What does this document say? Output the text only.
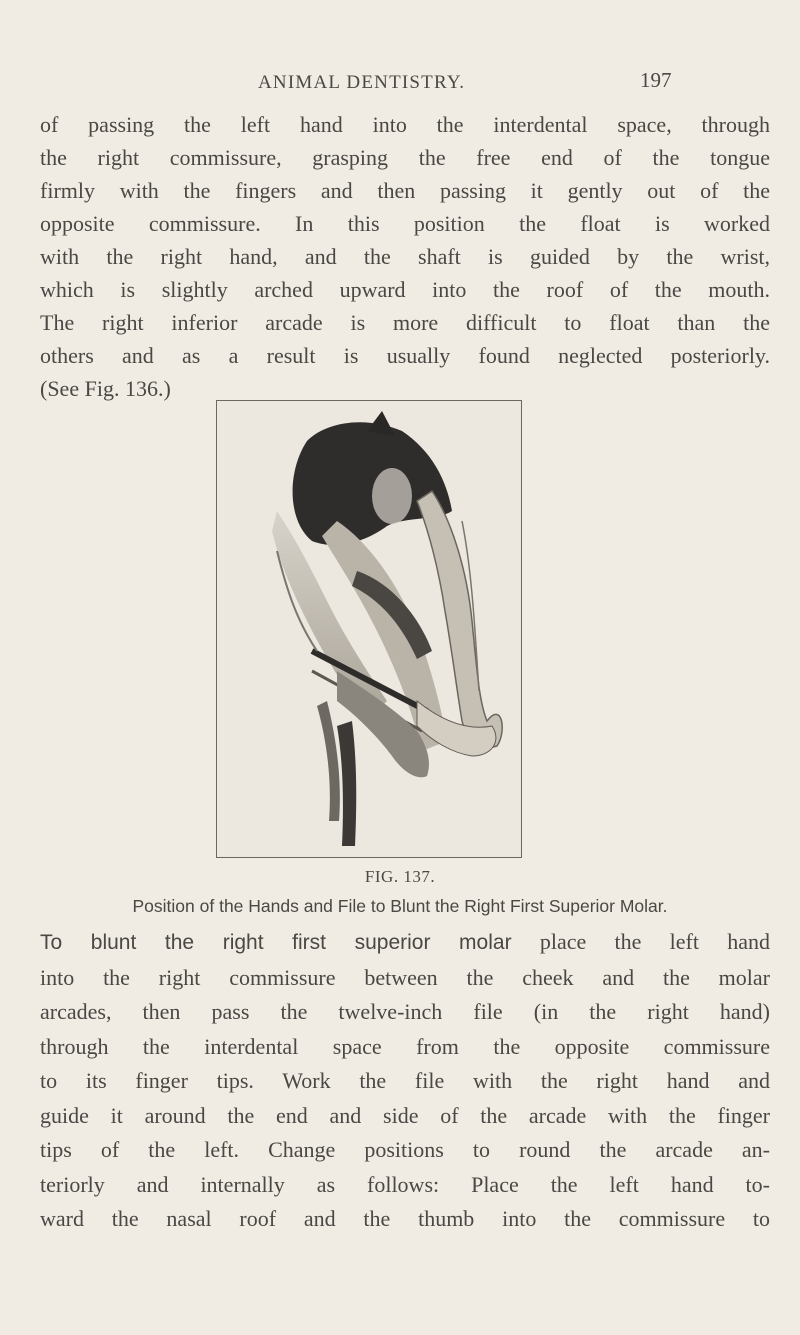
ANIMAL DENTISTRY.	197

of passing the left hand into the interdental space, through
the right commissure, grasping the free end of the tongue
firmly with the fingers and then passing it gently out of the
opposite commissure. In this position the float is worked
with the right hand, and the shaft is guided by the wrist,
which is slightly arched upward into the roof of the mouth.
The right inferior arcade is more difficult to float than the
others and as a result is usually found neglected posteriorly.
(See Fig. 136.)

FIG. 137.
Position of the Hands and File to Blunt the Right First Superior Molar.

To blunt the right first superior molar place the left hand
into the right commissure between the cheek and the molar
arcades, then pass the twelve-inch file (in the right hand)
through the interdental space from the opposite commissure
to its finger tips. Work the file with the right hand and
guide it around the end and side of the arcade with the finger
tips of the left. Change positions to round the arcade an-
teriorly and internally as follows: Place the left hand to-
ward the nasal roof and the thumb into the commissure to
